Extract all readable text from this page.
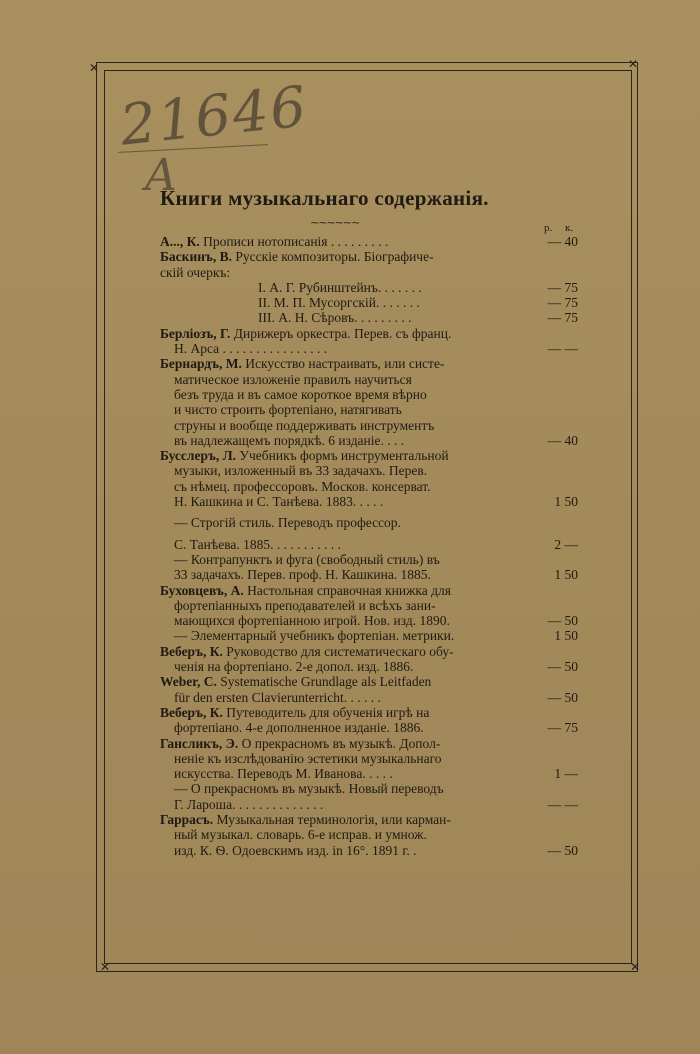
✕	✕
✕	✕
21646
A
Книги музыкальнаго содержанія.
~~~~~~	р. к.
А..., К. Прописи нотописанія . . . . . . . . .	— 40
Баскинъ, В. Русскіе композиторы. Біографиче-
скій очеркъ:
I. А. Г. Рубинштейнъ. . . . . . .	— 75
II. М. П. Мусоргскій. . . . . . .	— 75
III. А. Н. Сѣровъ. . . . . . . . .	— 75
Берліозъ, Г. Дирижеръ оркестра. Перев. съ франц.
Н. Арса . . . . . . . . . . . . . . . .	— —
Бернардъ, М. Искусство настраивать, или систе-
матическое изложеніе правилъ научиться
безъ труда и въ самое короткое время вѣрно
и чисто строить фортепіано, натягивать
струны и вообще поддерживать инструментъ
въ надлежащемъ порядкѣ. 6 изданіе. . . .	— 40
Бусслеръ, Л. Учебникъ формъ инструментальной
музыки, изложенный въ 33 задачахъ. Перев.
съ нѣмец. профессоровъ. Москов. консерват.
Н. Кашкина и С. Танѣева. 1883. . . . .	1 50
— Строгій стиль. Переводъ профессор.
С. Танѣева. 1885. . . . . . . . . . .	2 —
— Контрапунктъ и фуга (свободный стиль) въ
33 задачахъ. Перев. проф. Н. Кашкина. 1885.	1 50
Буховцевъ, А. Настольная справочная книжка для
фортепіанныхъ преподавателей и всѣхъ зани-
мающихся фортепіанною игрой. Нов. изд. 1890.	— 50
— Элементарный учебникъ фортепіан. метрики.	1 50
Веберъ, К. Руководство для систематическаго обу-
ченія на фортепіано. 2-е допол. изд. 1886.	— 50
Weber, C. Systematische Grundlage als Leitfaden
für den ersten Clavierunterricht. . . . . .	— 50
Веберъ, К. Путеводитель для обученія игрѣ на
фортепіано. 4-е дополненное изданіе. 1886.	— 75
Гансликъ, Э. О прекрасномъ въ музыкѣ. Допол-
неніе къ изслѣдованію эстетики музыкальнаго
искусства. Переводъ М. Иванова. . . . .	1 —
— О прекрасномъ въ музыкѣ. Новый переводъ
Г. Лароша. . . . . . . . . . . . . .	— —
Гаррасъ. Музыкальная терминологія, или карман-
ный музыкал. словарь. 6-е исправ. и умнож.
изд. К. Ѳ. Одоевскимъ изд. in 16°. 1891 г. .	— 50
